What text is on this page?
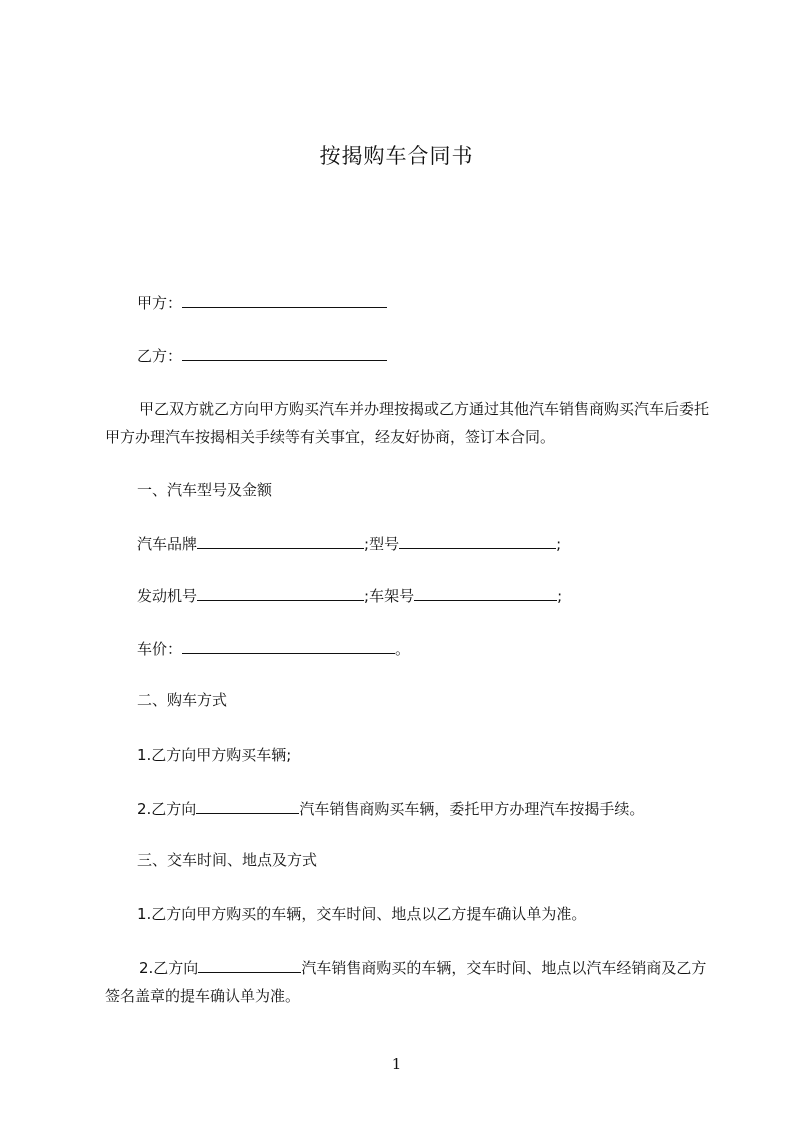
按揭购车合同书
甲方：
乙方：
甲乙双方就乙方向甲方购买汽车并办理按揭或乙方通过其他汽车销售商购买汽车后委托甲方办理汽车按揭相关手续等有关事宜，经友好协商，签订本合同。
一、汽车型号及金额
汽车品牌	;型号	;
发动机号	;车架号	;
车价：	。
二、购车方式
1.乙方向甲方购买车辆;
2.乙方向	汽车销售商购买车辆，委托甲方办理汽车按揭手续。
三、交车时间、地点及方式
1.乙方向甲方购买的车辆，交车时间、地点以乙方提车确认单为准。
2.乙方向	汽车销售商购买的车辆，交车时间、地点以汽车经销商及乙方签名盖章的提车确认单为准。
1
